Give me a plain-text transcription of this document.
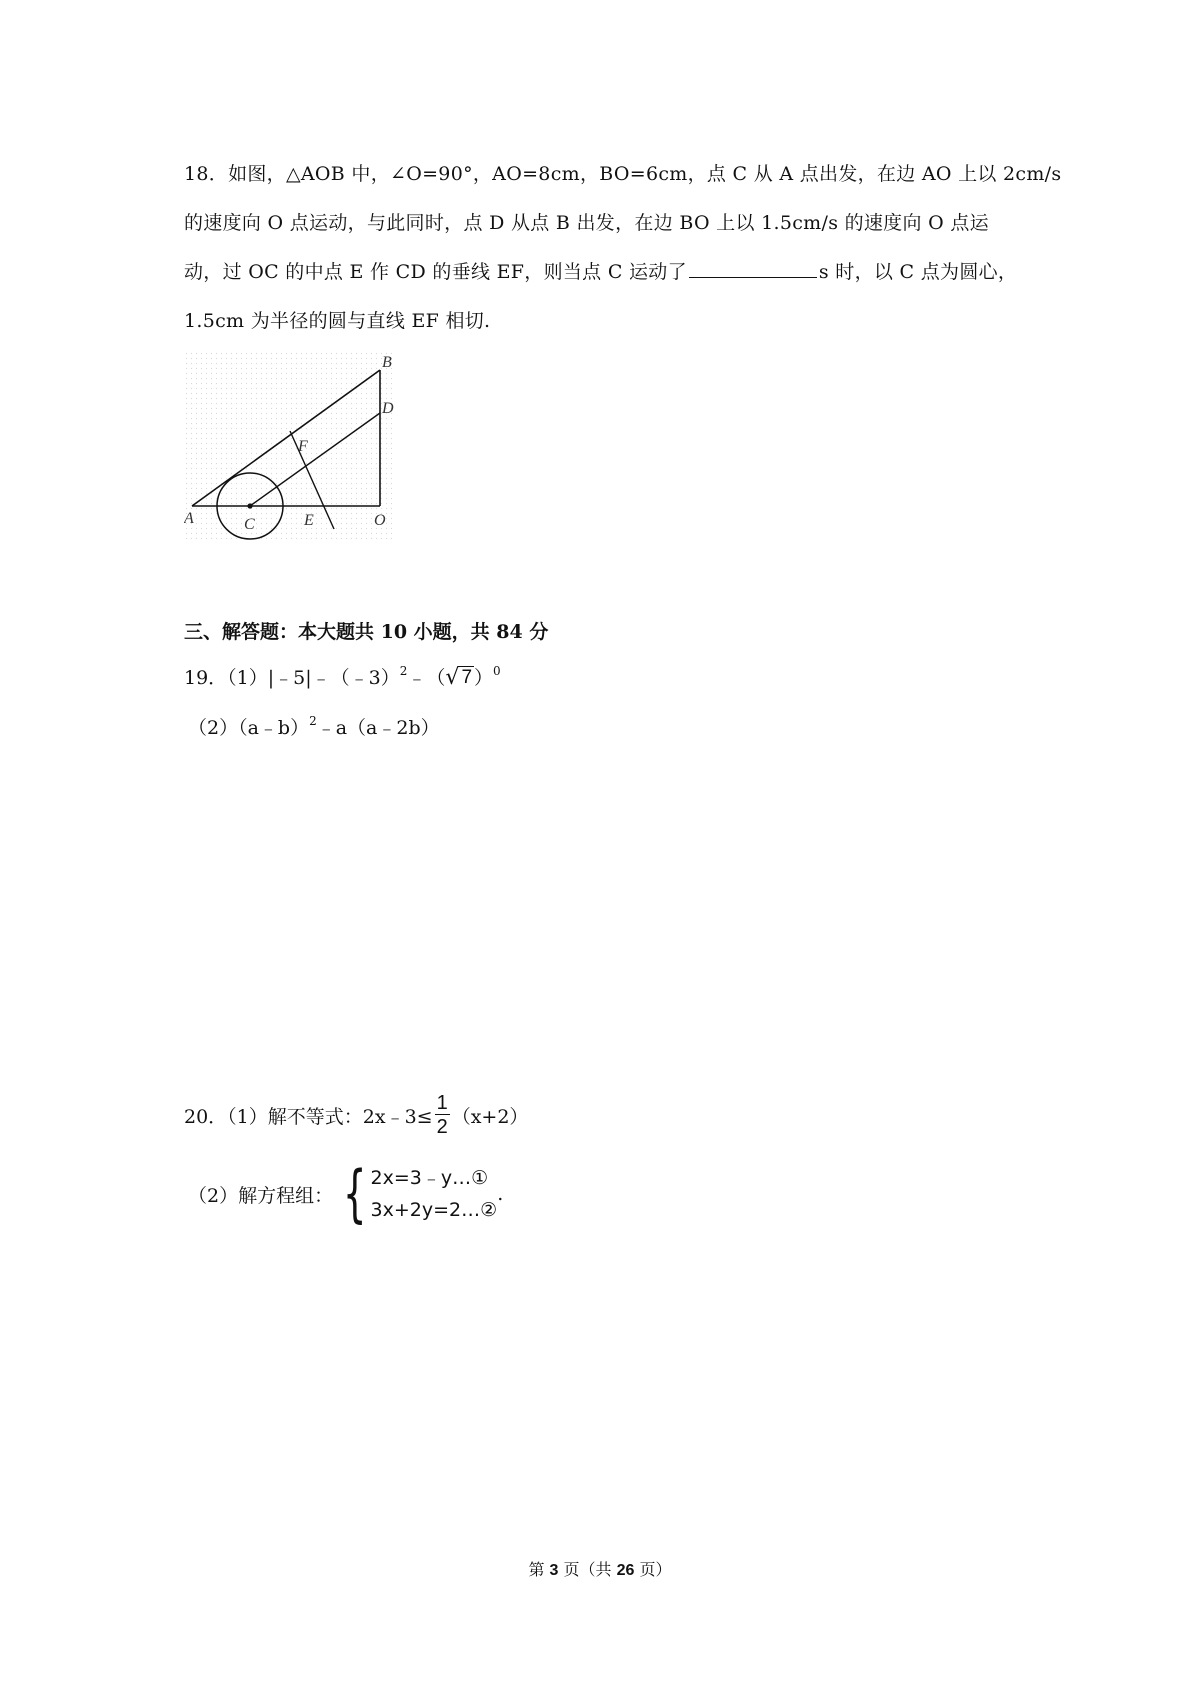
18．如图，△AOB 中，∠O=90°，AO=8cm，BO=6cm，点 C 从 A 点出发，在边 AO 上以 2cm/s

的速度向 O 点运动，与此同时，点 D 从点 B 出发，在边 BO 上以 1.5cm/s 的速度向 O 点运

动，过 OC 的中点 E 作 CD 的垂线 EF，则当点 C 运动了	s 时，以 C 点为圆心，

1.5cm 为半径的圆与直线 EF 相切.

A
B
C
D
E
F
O
三、解答题：本大题共 10 小题，共 84 分
19．（1）|﹣5|﹣（﹣3）$^2$﹣（ √ 7 ）$^0$
（2）（a﹣b）$^2$﹣a（a﹣2b）
20．（1）解不等式：2x﹣3≤ $\frac{1}{2} (x+2)$
（2）解方程组： { 2x=3﹣y…①
3x+2y=2…②
.
第 3 页（共 26 页）
